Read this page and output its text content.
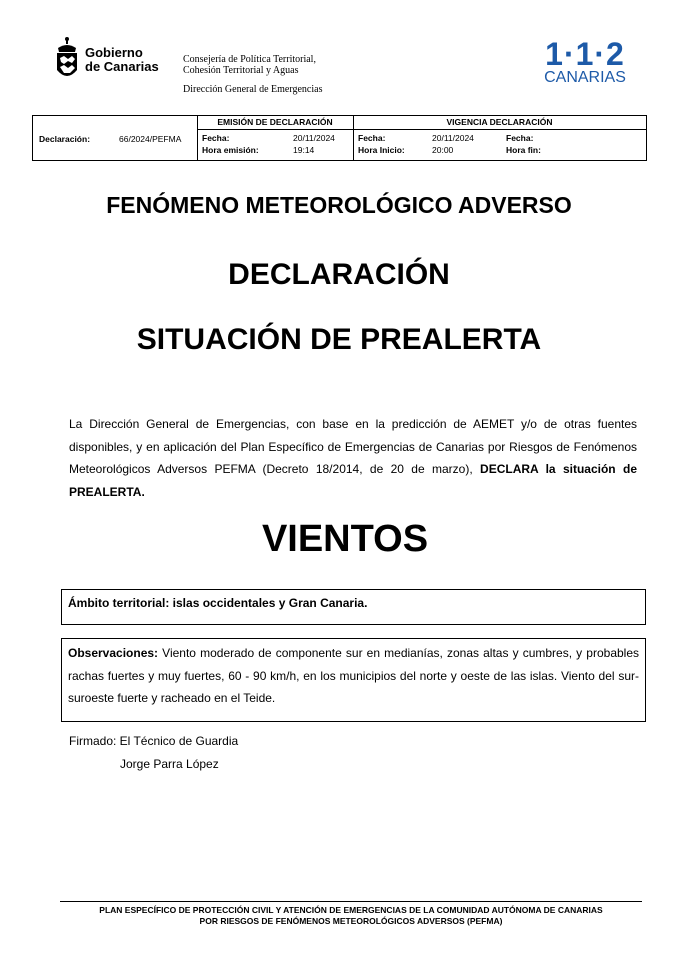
Gobierno
de Canarias Consejería de Política Territorial,
Cohesión Territorial y Aguas
Dirección General de Emergencias
1·1·2
CANARIAS
Declaración:	66/2024/PEFMA
EMISIÓN DE DECLARACIÓN
Fecha:	20/11/2024
Hora emisión:	19:14
VIGENCIA DECLARACIÓN
Fecha:	20/11/2024
Hora Inicio:	20:00
Fecha:
Hora fin:
FENÓMENO METEOROLÓGICO ADVERSO
DECLARACIÓN
SITUACIÓN DE PREALERTA
La Dirección General de Emergencias, con base en la predicción de AEMET y/o de otras fuentes disponibles, y en aplicación del Plan Específico de Emergencias de Canarias por Riesgos de Fenómenos Meteorológicos Adversos PEFMA (Decreto 18/2014, de 20 de marzo), DECLARA la situación de PREALERTA.
VIENTOS
Ámbito territorial: islas occidentales y Gran Canaria.
Observaciones: Viento moderado de componente sur en medianías, zonas altas y cumbres, y probables rachas fuertes y muy fuertes, 60 - 90 km/h, en los municipios del norte y oeste de las islas. Viento del sur-suroeste fuerte y racheado en el Teide.
Firmado: El Técnico de Guardia
Jorge Parra López
PLAN ESPECÍFICO DE PROTECCIÓN CIVIL Y ATENCIÓN DE EMERGENCIAS DE LA COMUNIDAD AUTÓNOMA DE CANARIAS
POR RIESGOS DE FENÓMENOS METEOROLÓGICOS ADVERSOS (PEFMA)
